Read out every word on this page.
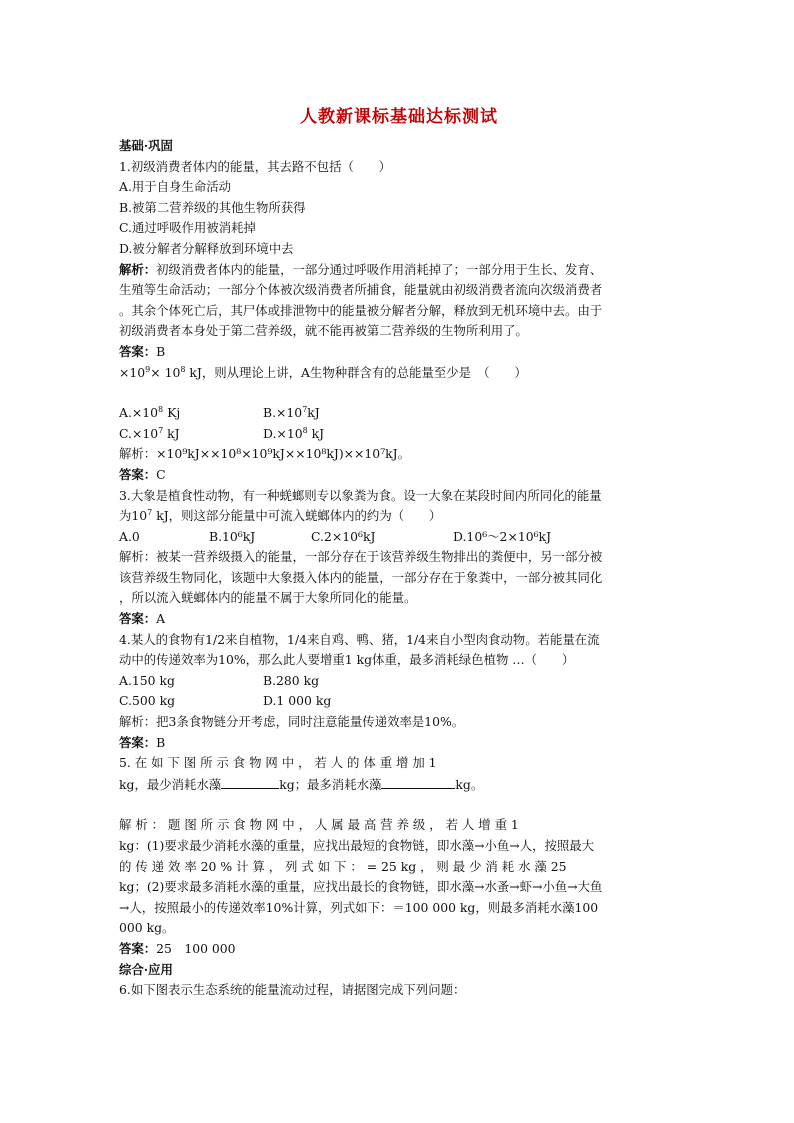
人教新课标基础达标测试
基础·巩固
1.初级消费者体内的能量，其去路不包括（　　）
A.用于自身生命活动
B.被第二营养级的其他生物所获得
C.通过呼吸作用被消耗掉
D.被分解者分解释放到环境中去
解析：初级消费者体内的能量，一部分通过呼吸作用消耗掉了；一部分用于生长、发育、
生殖等生命活动；一部分个体被次级消费者所捕食，能量就由初级消费者流向次级消费者
。其余个体死亡后，其尸体或排泄物中的能量被分解者分解，释放到无机环境中去。由于
初级消费者本身处于第二营养级，就不能再被第二营养级的生物所利用了。
答案：B
$\times 10^9\times 10^8$ kJ，则从理论上讲，A生物种群含有的总能量至少是　（　　）
$A.\times 10^8$ Kj	$B.\times 10^7kJ$
$C.\times 10^7$ kJ	$D.\times 10^8$ kJ
解析：×10⁹kJ××10⁸×10⁹kJ××10⁸kJ)××10⁷kJ。
答案：C
3.大象是植食性动物，有一种蜣螂则专以象粪为食。设一大象在某段时间内所同化的能量
为$10^7$ kJ，则这部分能量中可流入蜣螂体内的约为（　　）
A.0	B.10⁶kJ	C.2×10⁶kJ	D.10⁶～2×10⁶kJ
解析：被某一营养级摄入的能量，一部分存在于该营养级生物排出的粪便中，另一部分被
该营养级生物同化，该题中大象摄入体内的能量，一部分存在于象粪中，一部分被其同化
，所以流入蜣螂体内的能量不属于大象所同化的能量。
答案：A
4.某人的食物有1/2来自植物，1/4来自鸡、鸭、猪，1/4来自小型肉食动物。若能量在流
动中的传递效率为10%，那么此人要增重1 kg体重，最多消耗绿色植物 …（　　）
A.150 kg	B.280 kg
C.500 kg	D.1 000 kg
解析：把3条食物链分开考虑，同时注意能量传递效率是10%。
答案：B
5. 在 如 下 图 所 示 食 物 网 中 ， 若 人 的 体 重 增 加 1
kg，最少消耗水藻	kg；最多消耗水藻	kg。
解 析 ： 题 图 所 示 食 物 网 中 ， 人 属 最 高 营 养 级 ， 若 人 增 重 1
kg：(1)要求最少消耗水藻的重量，应找出最短的食物链，即水藻→小鱼→人，按照最大
的 传 递 效 率 20 % 计 算 ， 列 式 如 下 ： = 25 kg ， 则 最 少 消 耗 水 藻 25
kg；(2)要求最多消耗水藻的重量，应找出最长的食物链，即水藻→水蚤→虾→小鱼→大鱼
→人，按照最小的传递效率10%计算，列式如下：＝100 000 kg，则最多消耗水藻100
000 kg。
答案：25　100 000
综合·应用
6.如下图表示生态系统的能量流动过程，请据图完成下列问题：
